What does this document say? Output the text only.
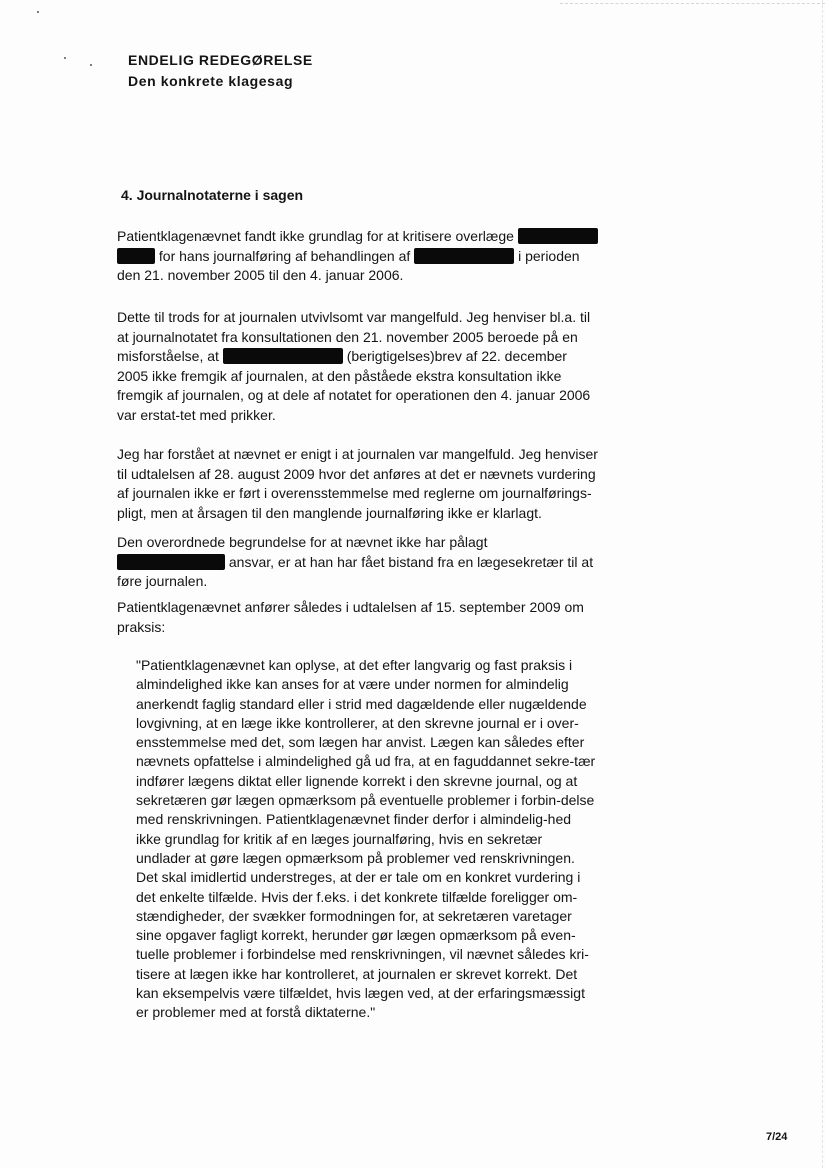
ENDELIG REDEGØRELSE
Den konkrete klagesag
4. Journalnotaterne i sagen
Patientklagenævnet fandt ikke grundlag for at kritisere overlæge   for hans journalføring af behandlingen af	i perioden den 21. november 2005 til den 4. januar 2006.
Dette til trods for at journalen utvivlsomt var mangelfuld. Jeg henviser bl.a. til at journalnotatet fra konsultationen den 21. november 2005 beroede på en misforståelse, at	(berigtigelses)brev af 22. december 2005 ikke fremgik af journalen, at den påståede ekstra konsultation ikke fremgik af journalen, og at dele af notatet for operationen den 4. januar 2006 var erstat-tet med prikker.
Jeg har forstået at nævnet er enigt i at journalen var mangelfuld. Jeg henviser til udtalelsen af 28. august 2009 hvor det anføres at det er nævnets vurdering af journalen ikke er ført i overensstemmelse med reglerne om journalførings-pligt, men at årsagen til den manglende journalføring ikke er klarlagt.
Den overordnede begrundelse for at nævnet ikke har pålagt  ansvar, er at han har fået bistand fra en lægesekretær til at føre journalen.
Patientklagenævnet anfører således i udtalelsen af 15. september 2009 om praksis:
"Patientklagenævnet kan oplyse, at det efter langvarig og fast praksis i almindelighed ikke kan anses for at være under normen for almindelig anerkendt faglig standard eller i strid med dagældende eller nugældende lovgivning, at en læge ikke kontrollerer, at den skrevne journal er i over-ensstemmelse med det, som lægen har anvist. Lægen kan således efter nævnets opfattelse i almindelighed gå ud fra, at en faguddannet sekre-tær indfører lægens diktat eller lignende korrekt i den skrevne journal, og at sekretæren gør lægen opmærksom på eventuelle problemer i forbin-delse med renskrivningen. Patientklagenævnet finder derfor i almindelig-hed ikke grundlag for kritik af en læges journalføring, hvis en sekretær undlader at gøre lægen opmærksom på problemer ved renskrivningen. Det skal imidlertid understreges, at der er tale om en konkret vurdering i det enkelte tilfælde. Hvis der f.eks. i det konkrete tilfælde foreligger om-stændigheder, der svækker formodningen for, at sekretæren varetager sine opgaver fagligt korrekt, herunder gør lægen opmærksom på even-tuelle problemer i forbindelse med renskrivningen, vil nævnet således kri-tisere at lægen ikke har kontrolleret, at journalen er skrevet korrekt. Det kan eksempelvis være tilfældet, hvis lægen ved, at der erfaringsmæssigt er problemer med at forstå diktaterne."
7/24
